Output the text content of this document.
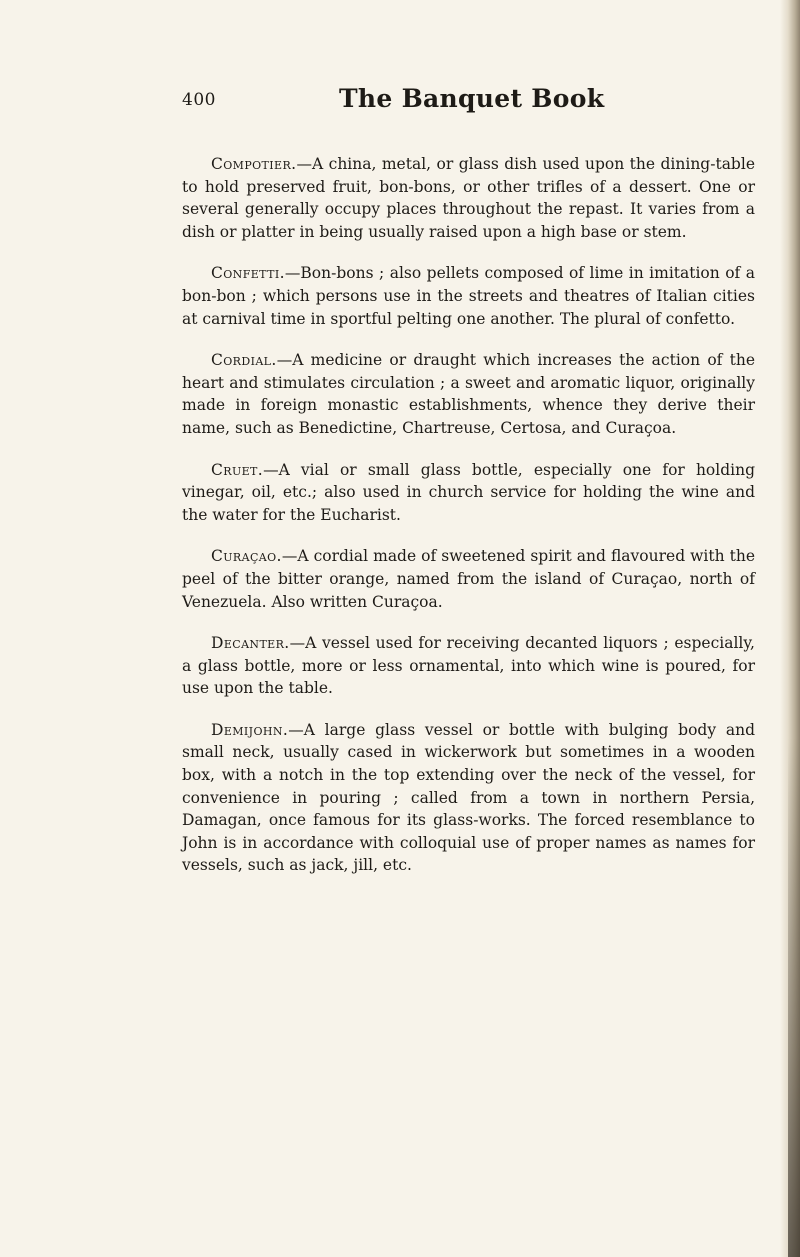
400	The Banquet Book

Compotier.—A china, metal, or glass dish used upon the dining-table to hold preserved fruit, bon-bons, or other trifles of a dessert. One or several generally occupy places throughout the repast. It varies from a dish or platter in being usually raised upon a high base or stem.

Confetti.—Bon-bons ; also pellets composed of lime in imitation of a bon-bon ; which persons use in the streets and theatres of Italian cities at carnival time in sportful pelting one another. The plural of confetto.

Cordial.—A medicine or draught which increases the action of the heart and stimulates circulation ; a sweet and aromatic liquor, originally made in foreign monastic establishments, whence they derive their name, such as Benedictine, Chartreuse, Certosa, and Curaçoa.

Cruet.—A vial or small glass bottle, especially one for holding vinegar, oil, etc.; also used in church service for holding the wine and the water for the Eucharist.

Curaçao.—A cordial made of sweetened spirit and flavoured with the peel of the bitter orange, named from the island of Curaçao, north of Venezuela. Also written Curaçoa.

Decanter.—A vessel used for receiving decanted liquors ; especially, a glass bottle, more or less ornamental, into which wine is poured, for use upon the table.

Demijohn.—A large glass vessel or bottle with bulging body and small neck, usually cased in wickerwork but sometimes in a wooden box, with a notch in the top extending over the neck of the vessel, for convenience in pouring ; called from a town in northern Persia, Damagan, once famous for its glass-works. The forced resemblance to John is in accordance with colloquial use of proper names as names for vessels, such as jack, jill, etc.
